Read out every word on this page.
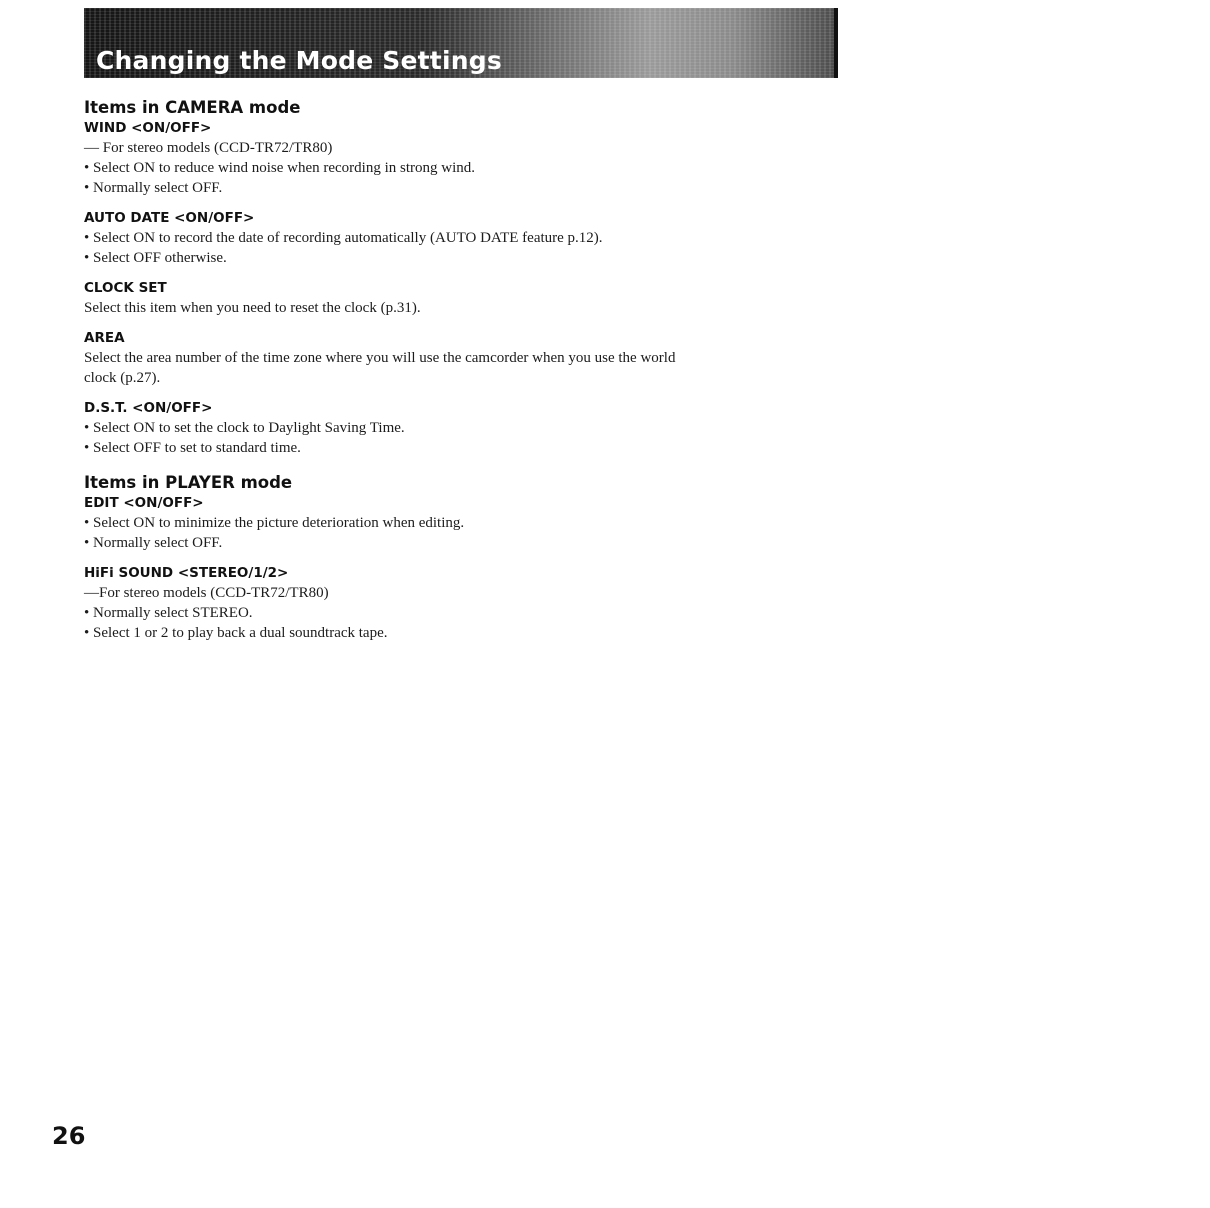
Changing the Mode Settings
Items in CAMERA mode
WIND <ON/OFF>

— For stereo models (CCD-TR72/TR80)

• Select ON to reduce wind noise when recording in strong wind.

• Normally select OFF.

AUTO DATE <ON/OFF>

• Select ON to record the date of recording automatically (AUTO DATE feature p.12).

• Select OFF otherwise.

CLOCK SET

Select this item when you need to reset the clock (p.31).

AREA

Select the area number of the time zone where you will use the camcorder when you use the world

clock (p.27).

D.S.T. <ON/OFF>

• Select ON to set the clock to Daylight Saving Time.

• Select OFF to set to standard time.

Items in PLAYER mode
EDIT <ON/OFF>

• Select ON to minimize the picture deterioration when editing.

• Normally select OFF.

HiFi SOUND <STEREO/1/2>

—For stereo models (CCD-TR72/TR80)

• Normally select STEREO.

• Select 1 or 2 to play back a dual soundtrack tape.

26
